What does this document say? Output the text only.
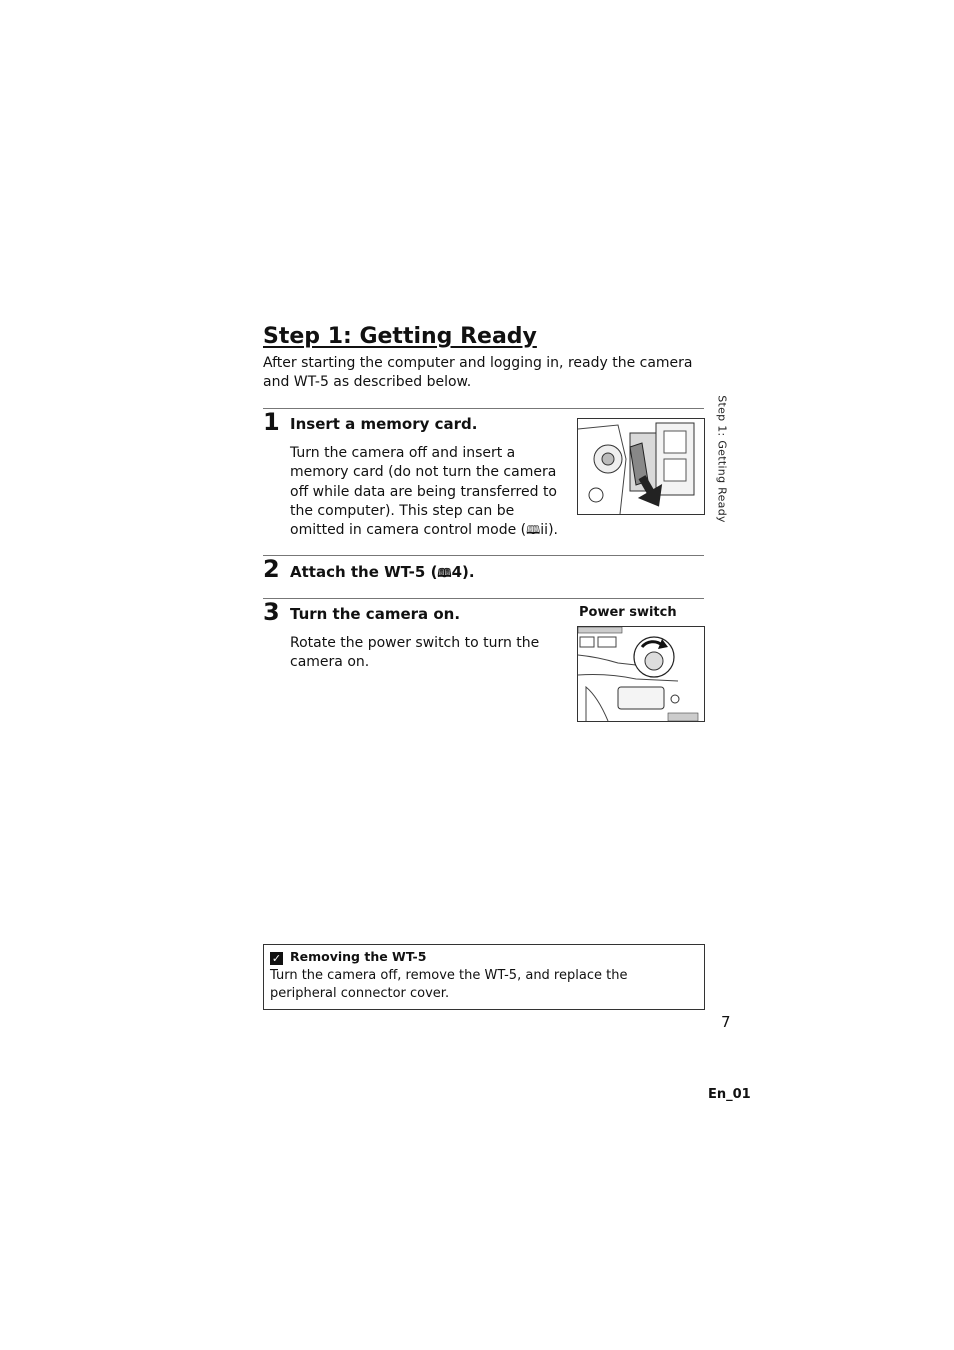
Step 1: Getting Ready
After starting the computer and logging in, ready the camera and WT-5 as described below.
Step 1: Getting Ready
1 Insert a memory card.
Turn the camera off and insert a memory card (do not turn the camera off while data are being transferred to the computer). This step can be omitted in camera control mode (🕮ii).
2 Attach the WT-5 (🕮4).
3 Turn the camera on.
Rotate the power switch to turn the camera on.
Power switch
✓ Removing the WT-5
Turn the camera off, remove the WT-5, and replace the peripheral connector cover.
7
En_01
